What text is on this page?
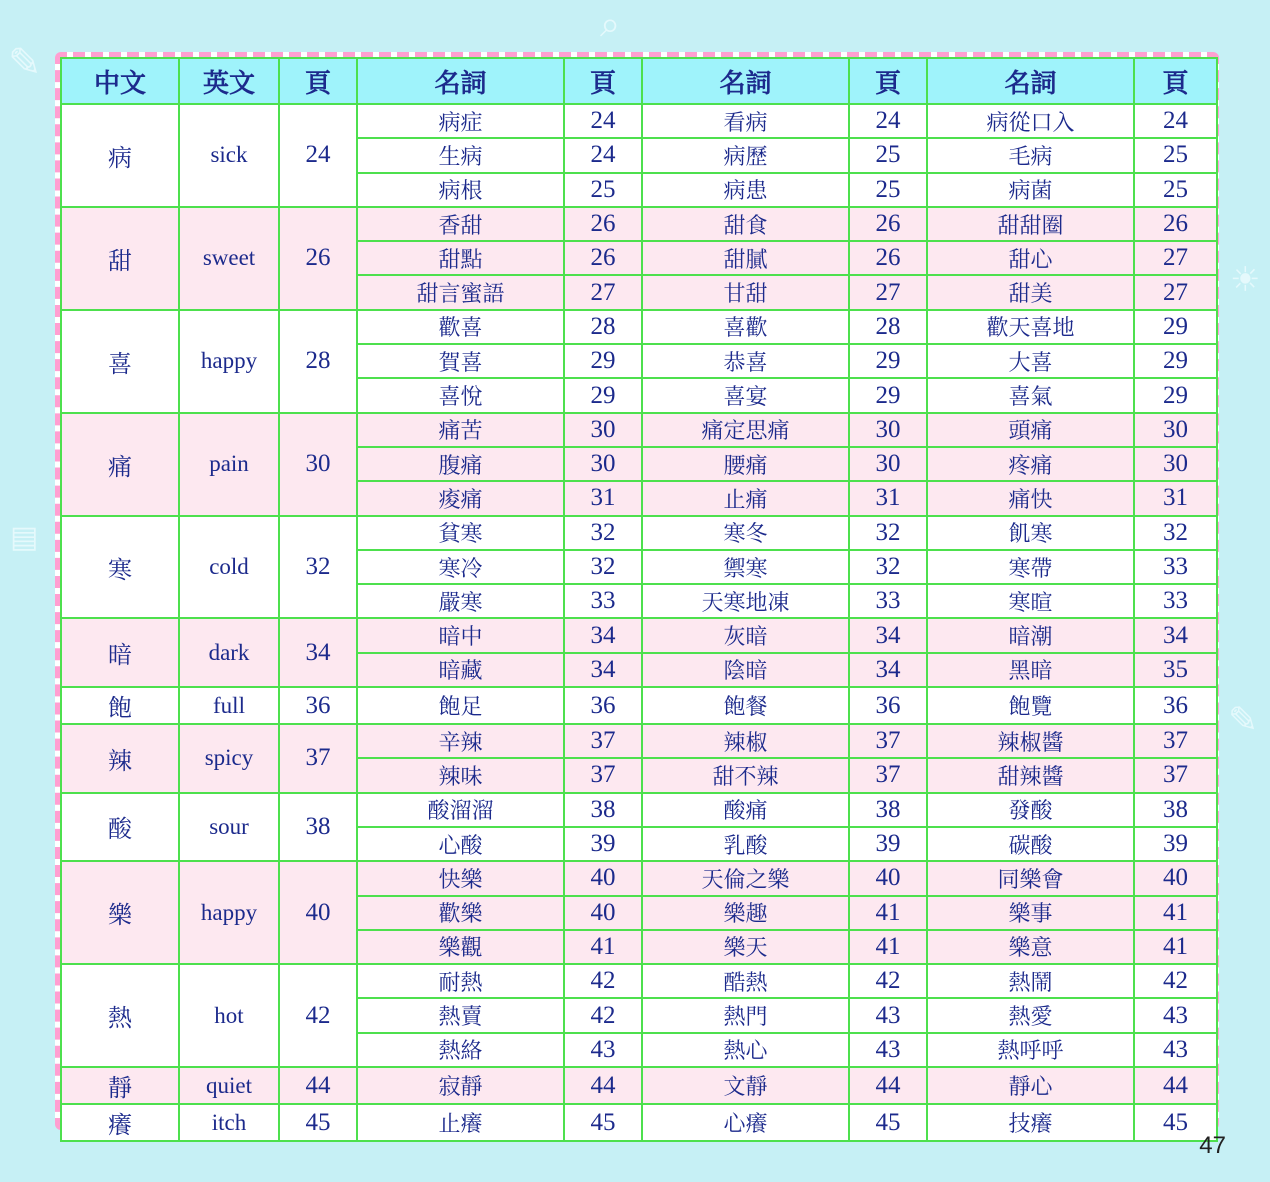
✎
☀
✎
▤
⌕
中文	英文	頁	名詞	頁	名詞	頁	名詞	頁
病	sick	24	病症	24	看病	24	病從口入	24
			生病	24	病歷	25	毛病	25
			病根	25	病患	25	病菌	25
甜	sweet	26	香甜	26	甜食	26	甜甜圈	26
			甜點	26	甜膩	26	甜心	27
			甜言蜜語	27	甘甜	27	甜美	27
喜	happy	28	歡喜	28	喜歡	28	歡天喜地	29
			賀喜	29	恭喜	29	大喜	29
			喜悅	29	喜宴	29	喜氣	29
痛	pain	30	痛苦	30	痛定思痛	30	頭痛	30
			腹痛	30	腰痛	30	疼痛	30
			痠痛	31	止痛	31	痛快	31
寒	cold	32	貧寒	32	寒冬	32	飢寒	32
			寒冷	32	禦寒	32	寒帶	33
			嚴寒	33	天寒地凍	33	寒暄	33
暗	dark	34	暗中	34	灰暗	34	暗潮	34
			暗藏	34	陰暗	34	黑暗	35
飽	full	36	飽足	36	飽餐	36	飽覽	36
辣	spicy	37	辛辣	37	辣椒	37	辣椒醬	37
			辣味	37	甜不辣	37	甜辣醬	37
酸	sour	38	酸溜溜	38	酸痛	38	發酸	38
			心酸	39	乳酸	39	碳酸	39
樂	happy	40	快樂	40	天倫之樂	40	同樂會	40
			歡樂	40	樂趣	41	樂事	41
			樂觀	41	樂天	41	樂意	41
熱	hot	42	耐熱	42	酷熱	42	熱鬧	42
			熱賣	42	熱門	43	熱愛	43
			熱絡	43	熱心	43	熱呼呼	43
靜	quiet	44	寂靜	44	文靜	44	靜心	44
癢	itch	45	止癢	45	心癢	45	技癢	45
47
